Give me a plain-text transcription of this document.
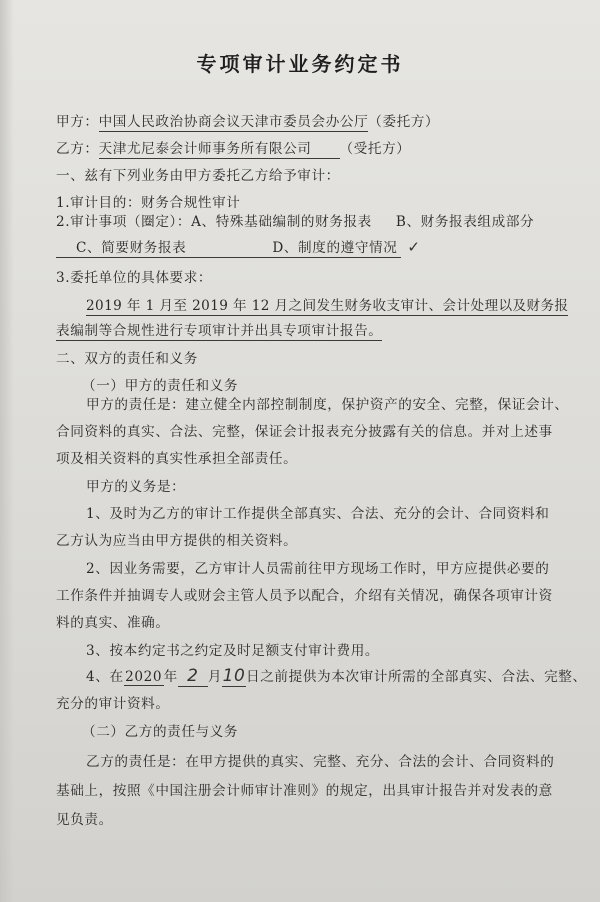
专项审计业务约定书
甲方：中国人民政治协商会议天津市委员会办公厅（委托方）
乙方：天津尤尼泰会计师事务所有限公司 （受托方）
一、兹有下列业务由甲方委托乙方给予审计：
1.审计目的：财务合规性审计
2.审计事项（圈定）：A、特殊基础编制的财务报表 B、财务报表组成部分
C、简要财务报表	D、制度的遵守情况 ✓
3.委托单位的具体要求：
2019 年 1 月至 2019 年 12 月之间发生财务收支审计、会计处理以及财务报
表编制等合规性进行专项审计并出具专项审计报告。
二、双方的责任和义务
（一）甲方的责任和义务
甲方的责任是：建立健全内部控制制度，保护资产的安全、完整，保证会计、
合同资料的真实、合法、完整，保证会计报表充分披露有关的信息。并对上述事
项及相关资料的真实性承担全部责任。
甲方的义务是：
1、及时为乙方的审计工作提供全部真实、合法、充分的会计、合同资料和
乙方认为应当由甲方提供的相关资料。
2、因业务需要，乙方审计人员需前往甲方现场工作时，甲方应提供必要的
工作条件并抽调专人或财会主管人员予以配合，介绍有关情况，确保各项审计资
料的真实、准确。
3、按本约定书之约定及时足额支付审计费用。
4、在 2020 年 2 月10日之前提供为本次审计所需的全部真实、合法、完整、
充分的审计资料。
（二）乙方的责任与义务
乙方的责任是：在甲方提供的真实、完整、充分、合法的会计、合同资料的
基础上，按照《中国注册会计师审计准则》的规定，出具审计报告并对发表的意
见负责。
